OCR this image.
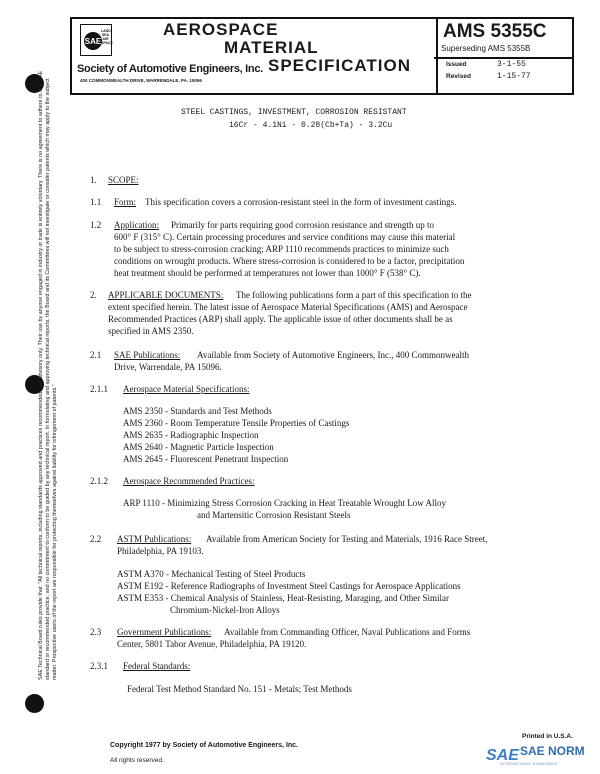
SAE
LAND SEA AIR SPACE
AEROSPACE
MATERIAL
SPECIFICATION
Society of Automotive Engineers, Inc.
400 COMMONWEALTH DRIVE, WARRENDALE, PA. 15096
AMS 5355C
Superseding AMS 5355B
Issued	3-1-55
Revised	1-15-77
SAE Technical Board rules provide that: "All technical reports, including standards approved and practices recommended, are advisory only. Their use by anyone engaged in industry or trade is entirely voluntary. There is no agreement to adhere to any SAE standard or recommended practice, and no commitment to conform to be guided by any technical report. In formulating and approving technical reports, the Board and its Committees will not investigate or consider patents which may apply to the subject matter. Prospective users of the report are responsible for protecting themselves against liability for infringement of patents."
STEEL CASTINGS, INVESTMENT, CORROSION RESISTANT
16Cr - 4.1Ni - 0.28(Cb+Ta) - 3.2Cu
1. SCOPE:
1.1 Form: This specification covers a corrosion-resistant steel in the form of investment castings.
1.2 Application: Primarily for parts requiring good corrosion resistance and strength up to
600° F (315° C). Certain processing procedures and service conditions may cause this material
to be subject to stress-corrosion cracking; ARP 1110 recommends practices to minimize such
conditions on wrought products. Where stress-corrosion is considered to be a factor, precipitation
heat treatment should be performed at temperatures not lower than 1000° F (538° C).
2. APPLICABLE DOCUMENTS: The following publications form a part of this specification to the
extent specified herein. The latest issue of Aerospace Material Specifications (AMS) and Aerospace
Recommended Practices (ARP) shall apply. The applicable issue of other documents shall be as
specified in AMS 2350.
2.1 SAE Publications: Available from Society of Automotive Engineers, Inc., 400 Commonwealth
Drive, Warrendale, PA 15096.
2.1.1 Aerospace Material Specifications:
AMS 2350 - Standards and Test Methods
AMS 2360 - Room Temperature Tensile Properties of Castings
AMS 2635 - Radiographic Inspection
AMS 2640 - Magnetic Particle Inspection
AMS 2645 - Fluorescent Penetrant Inspection
2.1.2 Aerospace Recommended Practices:
ARP 1110 - Minimizing Stress Corrosion Cracking in Heat Treatable Wrought Low Alloy
and Martensitic Corrosion Resistant Steels
2.2 ASTM Publications: Available from American Society for Testing and Materials, 1916 Race Street,
Philadelphia, PA 19103.
ASTM A370 - Mechanical Testing of Steel Products
ASTM E192 - Reference Radiographs of Investment Steel Castings for Aerospace Applications
ASTM E353 - Chemical Analysis of Stainless, Heat-Resisting, Maraging, and Other Similar
Chromium-Nickel-Iron Alloys
2.3 Government Publications: Available from Commanding Officer, Naval Publications and Forms
Center, 5801 Tabor Avenue, Philadelphia, PA 19120.
2.3.1 Federal Standards:
Federal Test Method Standard No. 151 - Metals; Test Methods
Copyright 1977 by Society of Automotive Engineers, Inc.
All rights reserved.
Printed in U.S.A.
SAE SAE NORM
INTERNATIONAL STANDARDS
